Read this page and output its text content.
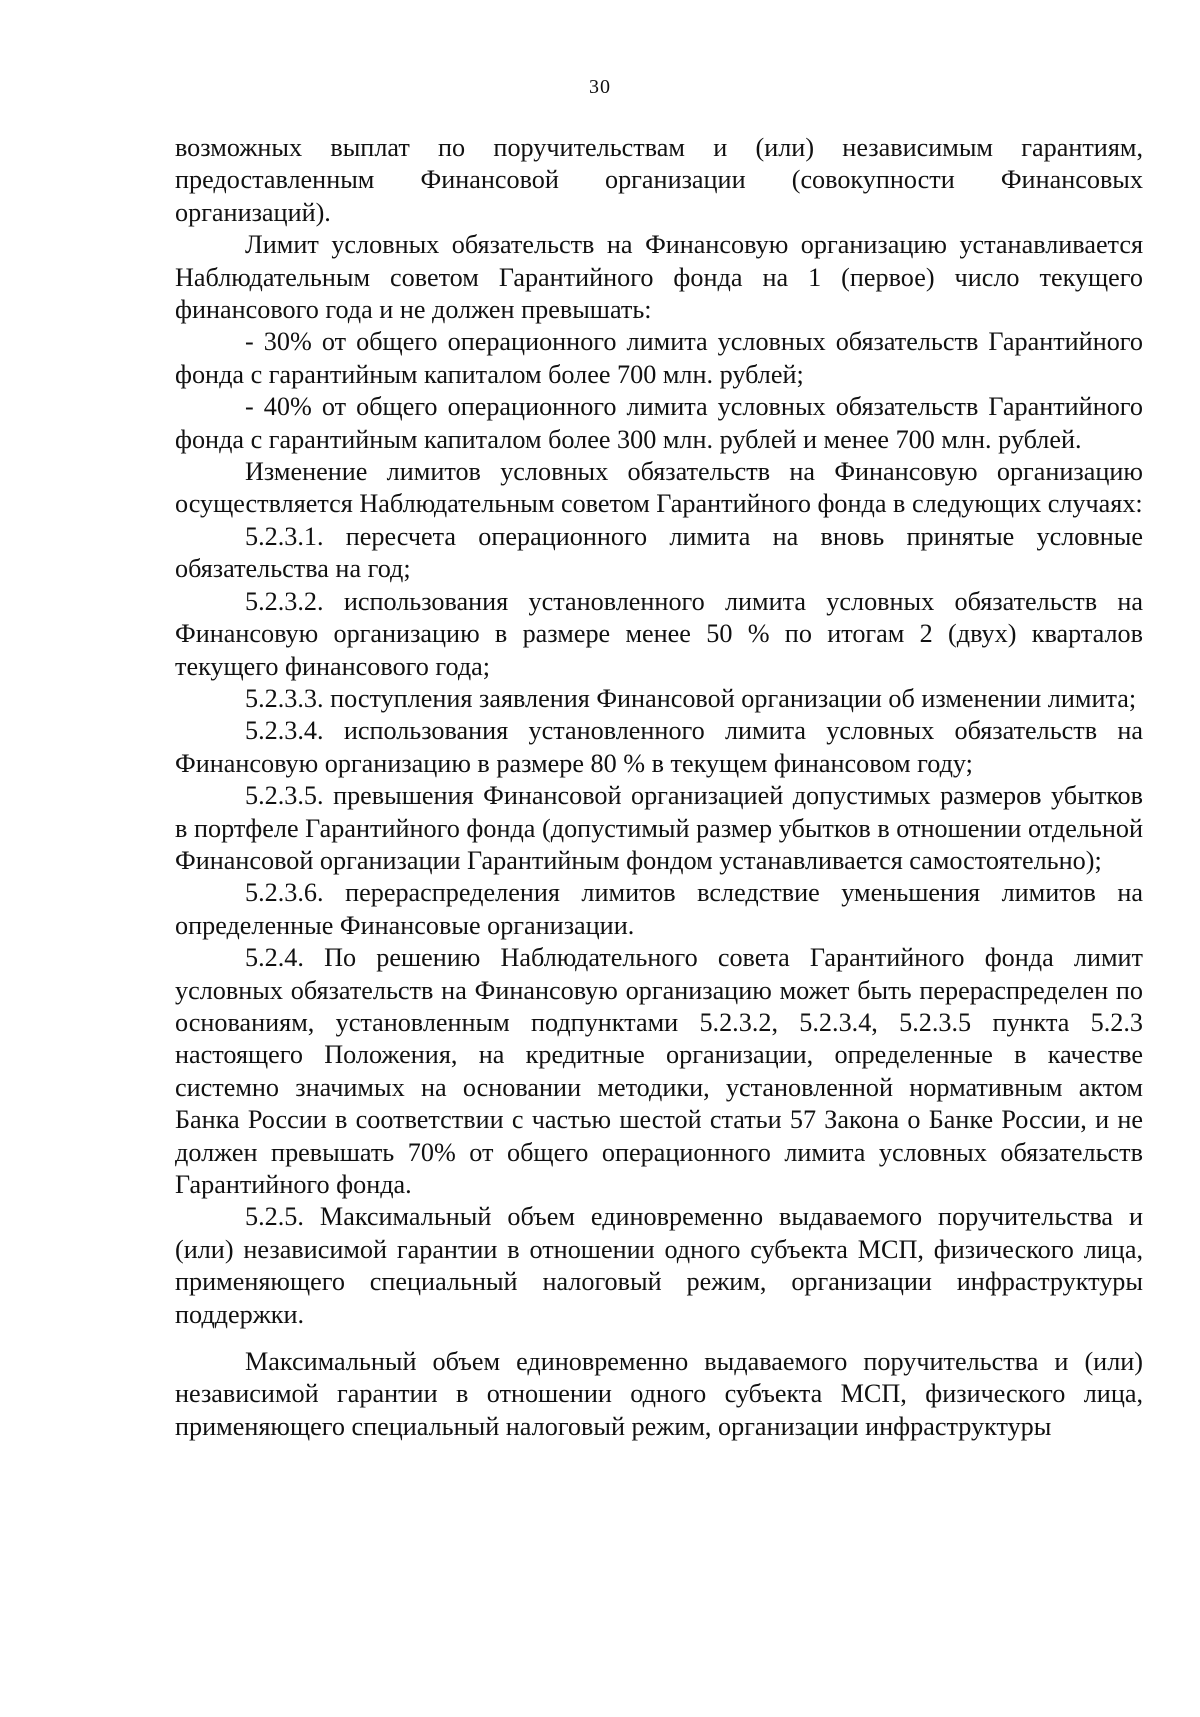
30

возможных выплат по поручительствам и (или) независимым гарантиям, предоставленным Финансовой организации (совокупности Финансовых организаций).

Лимит условных обязательств на Финансовую организацию устанавливается Наблюдательным советом Гарантийного фонда на 1 (первое) число текущего финансового года и не должен превышать:

- 30% от общего операционного лимита условных обязательств Гарантийного фонда с гарантийным капиталом более 700 млн. рублей;

- 40% от общего операционного лимита условных обязательств Гарантийного фонда с гарантийным капиталом более 300 млн. рублей и менее 700 млн. рублей.

Изменение лимитов условных обязательств на Финансовую организацию осуществляется Наблюдательным советом Гарантийного фонда в следующих случаях:

5.2.3.1. пересчета операционного лимита на вновь принятые условные обязательства на год;

5.2.3.2. использования установленного лимита условных обязательств на Финансовую организацию в размере менее 50 % по итогам 2 (двух) кварталов текущего финансового года;

5.2.3.3. поступления заявления Финансовой организации об изменении лимита;

5.2.3.4. использования установленного лимита условных обязательств на Финансовую организацию в размере 80 % в текущем финансовом году;

5.2.3.5. превышения Финансовой организацией допустимых размеров убытков в портфеле Гарантийного фонда (допустимый размер убытков в отношении отдельной Финансовой организации Гарантийным фондом устанавливается самостоятельно);

5.2.3.6. перераспределения лимитов вследствие уменьшения лимитов на определенные Финансовые организации.

5.2.4. По решению Наблюдательного совета Гарантийного фонда лимит условных обязательств на Финансовую организацию может быть перераспределен по основаниям, установленным подпунктами 5.2.3.2, 5.2.3.4, 5.2.3.5 пункта 5.2.3 настоящего Положения, на кредитные организации, определенные в качестве системно значимых на основании методики, установленной нормативным актом Банка России в соответствии с частью шестой статьи 57 Закона о Банке России, и не должен превышать 70% от общего операционного лимита условных обязательств Гарантийного фонда.

5.2.5. Максимальный объем единовременно выдаваемого поручительства и (или) независимой гарантии в отношении одного субъекта МСП, физического лица, применяющего специальный налоговый режим, организации инфраструктуры поддержки.

Максимальный объем единовременно выдаваемого поручительства и (или) независимой гарантии в отношении одного субъекта МСП, физического лица, применяющего специальный налоговый режим, организации инфраструктуры
